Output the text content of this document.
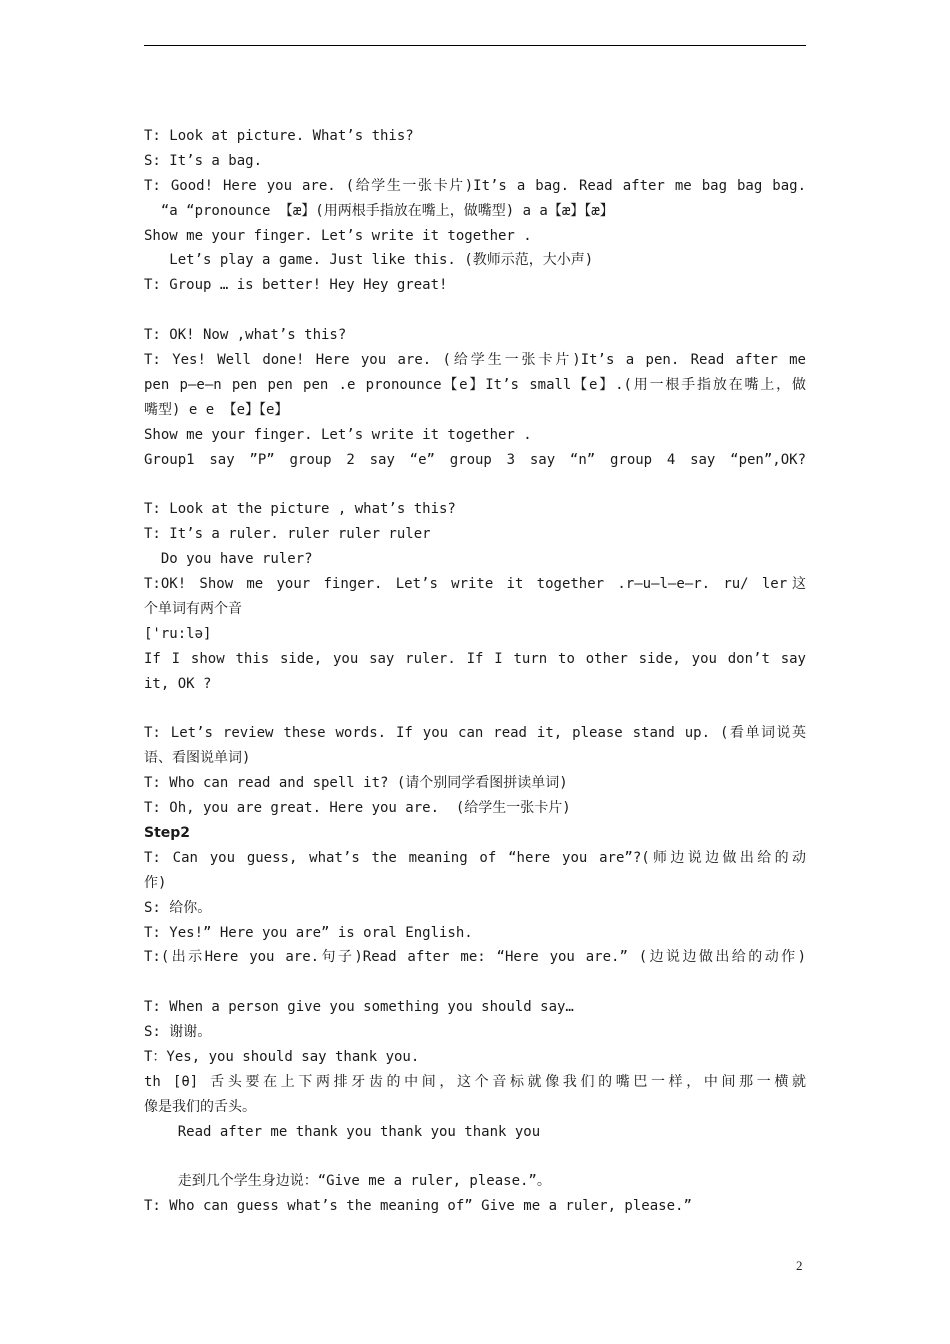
T: Look at picture. What’s this?
S: It’s a bag.
T: Good! Here you are. (给学生一张卡片)It’s a bag. Read after me bag bag bag.
“a “pronounce 【æ】(用两根手指放在嘴上，做嘴型) a a【æ】【æ】
Show me your finger. Let’s write it together .
Let’s play a game. Just like this. (教师示范，大小声)
T: Group … is better! Hey Hey great!
T: OK! Now ,what’s this?
T: Yes! Well done! Here you are. (给学生一张卡片)It’s a pen. Read after me
pen p—e—n pen pen pen .e pronounce【e】It’s small【e】.(用一根手指放在嘴上，做
嘴型) e e 【e】【e】
Show me your finger. Let’s write it together .
Group1 say ”P” group 2 say “e” group 3 say “n” group 4 say “pen”,OK?
T: Look at the picture , what’s this?
T: It’s a ruler. ruler ruler ruler
Do you have ruler?
T:OK! Show me your finger. Let’s write it together .r—u—l—e—r. ru/ ler这
个单词有两个音
['ru:lə]
If I show this side, you say ruler. If I turn to other side, you don’t say
it, OK ?
T: Let’s review these words. If you can read it, please stand up. (看单词说英
语、看图说单词)
T: Who can read and spell it? (请个别同学看图拼读单词)
T: Oh, you are great. Here you are.  (给学生一张卡片)
Step2
T: Can you guess, what’s the meaning of “here you are”?(师边说边做出给的动
作)
S: 给你。
T: Yes!” Here you are” is oral English.
T:(出示Here you are.句子)Read after me: “Here you are.” (边说边做出给的动作)
T: When a person give you something you should say…
S: 谢谢。
T：Yes, you should say thank you.
th [θ] 舌头要在上下两排牙齿的中间，这个音标就像我们的嘴巴一样，中间那一横就
像是我们的舌头。
Read after me thank you thank you thank you
走到几个学生身边说：“Give me a ruler, please.”。
T: Who can guess what’s the meaning of” Give me a ruler, please.”
2
